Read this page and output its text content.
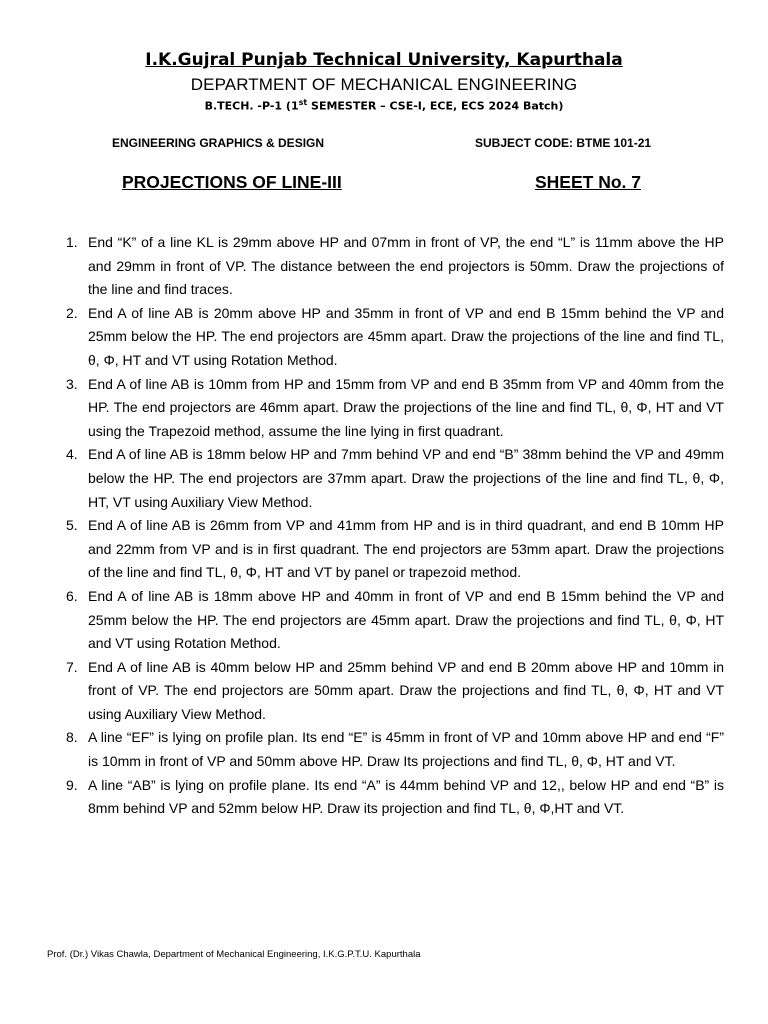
I.K.Gujral Punjab Technical University, Kapurthala
DEPARTMENT OF MECHANICAL ENGINEERING
B.TECH. -P-1 (1st SEMESTER – CSE-I, ECE, ECS 2024 Batch)
ENGINEERING GRAPHICS & DESIGN	SUBJECT CODE: BTME 101-21
PROJECTIONS OF LINE-III	SHEET No. 7
1. End “K” of a line KL is 29mm above HP and 07mm in front of VP, the end “L” is 11mm above the HP and 29mm in front of VP. The distance between the end projectors is 50mm. Draw the projections of the line and find traces.
2. End A of line AB is 20mm above HP and 35mm in front of VP and end B 15mm behind the VP and 25mm below the HP. The end projectors are 45mm apart. Draw the projections of the line and find TL, θ, Φ, HT and VT using Rotation Method.
3. End A of line AB is 10mm from HP and 15mm from VP and end B 35mm from VP and 40mm from the HP. The end projectors are 46mm apart. Draw the projections of the line and find TL, θ, Φ, HT and VT using the Trapezoid method, assume the line lying in first quadrant.
4. End A of line AB is 18mm below HP and 7mm behind VP and end “B” 38mm behind the VP and 49mm below the HP. The end projectors are 37mm apart. Draw the projections of the line and find TL, θ, Φ, HT, VT using Auxiliary View Method.
5. End A of line AB is 26mm from VP and 41mm from HP and is in third quadrant, and end B 10mm HP and 22mm from VP and is in first quadrant. The end projectors are 53mm apart. Draw the projections of the line and find TL, θ, Φ, HT and VT by panel or trapezoid method.
6. End A of line AB is 18mm above HP and 40mm in front of VP and end B 15mm behind the VP and 25mm below the HP. The end projectors are 45mm apart. Draw the projections and find TL, θ, Φ, HT and VT using Rotation Method.
7. End A of line AB is 40mm below HP and 25mm behind VP and end B 20mm above HP and 10mm in front of VP. The end projectors are 50mm apart. Draw the projections and find TL, θ, Φ, HT and VT using Auxiliary View Method.
8. A line “EF” is lying on profile plan. Its end “E” is 45mm in front of VP and 10mm above HP and end “F” is 10mm in front of VP and 50mm above HP. Draw Its projections and find TL, θ, Φ, HT and VT.
9. A line “AB” is lying on profile plane. Its end “A” is 44mm behind VP and 12,, below HP and end “B” is 8mm behind VP and 52mm below HP. Draw its projection and find TL, θ, Φ,HT and VT.
Prof. (Dr.) Vikas Chawla, Department of Mechanical Engineering, I.K.G.P.T.U. Kapurthala
